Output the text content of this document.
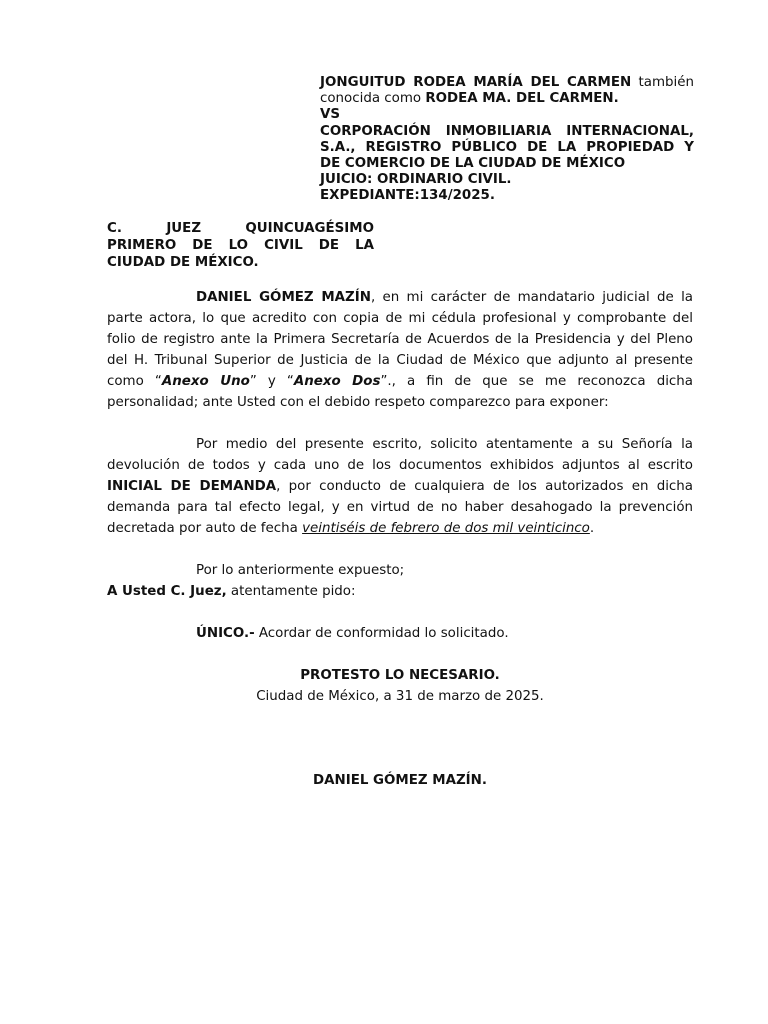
JONGUITUD RODEA MARÍA DEL CARMEN también conocida como RODEA MA. DEL CARMEN.
VS
CORPORACIÓN INMOBILIARIA INTERNACIONAL,
S.A., REGISTRO PÚBLICO DE LA PROPIEDAD Y
DE COMERCIO DE LA CIUDAD DE MÉXICO
JUICIO: ORDINARIO CIVIL.
EXPEDIANTE:134/2025.
C.      JUEZ      QUINCUAGÉSIMO
PRIMERO DE LO CIVIL DE LA
CIUDAD DE MÉXICO.
DANIEL GÓMEZ MAZÍN, en mi carácter de mandatario judicial de la parte actora, lo que acredito con copia de mi cédula profesional y comprobante del folio de registro ante la Primera Secretaría de Acuerdos de la Presidencia y del Pleno del H. Tribunal Superior de Justicia de la Ciudad de México que adjunto al presente como “Anexo Uno” y “Anexo Dos”., a fin de que se me reconozca dicha personalidad; ante Usted con el debido respeto comparezco para exponer:
Por medio del presente escrito, solicito atentamente a su Señoría la devolución de todos y cada uno de los documentos exhibidos adjuntos al escrito INICIAL DE DEMANDA, por conducto de cualquiera de los autorizados en dicha demanda para tal efecto legal, y en virtud de no haber desahogado la prevención decretada por auto de fecha veintiséis de febrero de dos mil veinticinco.
Por lo anteriormente expuesto;
A Usted C. Juez, atentamente pido:
ÚNICO.- Acordar de conformidad lo solicitado.
PROTESTO LO NECESARIO.
Ciudad de México, a 31 de marzo de 2025.
DANIEL GÓMEZ MAZÍN.
